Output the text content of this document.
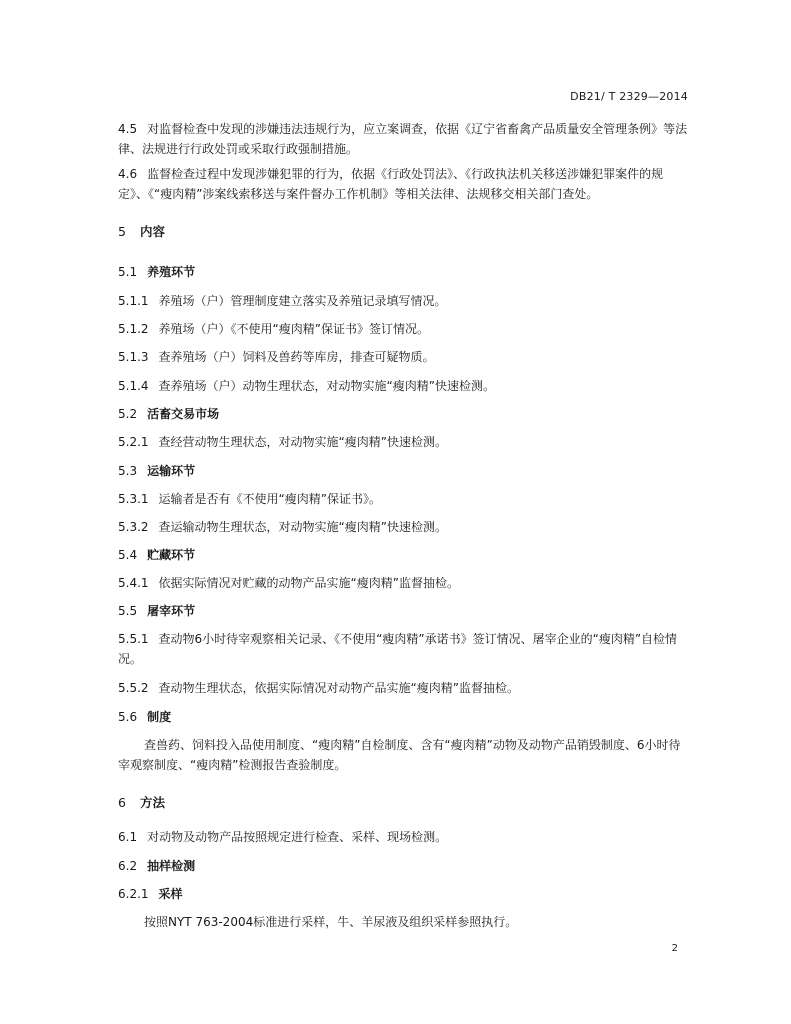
DB21/ T 2329—2014
4.5 对监督检查中发现的涉嫌违法违规行为，应立案调查，依据《辽宁省畜禽产品质量安全管理条例》等法律、法规进行行政处罚或采取行政强制措施。
4.6 监督检查过程中发现涉嫌犯罪的行为，依据《行政处罚法》、《行政执法机关移送涉嫌犯罪案件的规定》、《“瘦肉精”涉案线索移送与案件督办工作机制》等相关法律、法规移交相关部门查处。
5 内容
5.1 养殖环节
5.1.1 养殖场（户）管理制度建立落实及养殖记录填写情况。
5.1.2 养殖场（户）《不使用“瘦肉精”保证书》签订情况。
5.1.3 查养殖场（户）饲料及兽药等库房，排查可疑物质。
5.1.4 查养殖场（户）动物生理状态，对动物实施“瘦肉精”快速检测。
5.2 活畜交易市场
5.2.1 查经营动物生理状态，对动物实施“瘦肉精”快速检测。
5.3 运输环节
5.3.1 运输者是否有《不使用“瘦肉精”保证书》。
5.3.2 查运输动物生理状态，对动物实施“瘦肉精”快速检测。
5.4 贮藏环节
5.4.1 依据实际情况对贮藏的动物产品实施“瘦肉精”监督抽检。
5.5 屠宰环节
5.5.1 查动物6小时待宰观察相关记录、《不使用“瘦肉精”承诺书》签订情况、屠宰企业的“瘦肉精”自检情况。
5.5.2 查动物生理状态，依据实际情况对动物产品实施“瘦肉精”监督抽检。
5.6 制度
查兽药、饲料投入品使用制度、“瘦肉精”自检制度、含有“瘦肉精”动物及动物产品销毁制度、6小时待宰观察制度、“瘦肉精”检测报告查验制度。
6 方法
6.1 对动物及动物产品按照规定进行检查、采样、现场检测。
6.2 抽样检测
6.2.1 采样
按照NYT 763-2004标准进行采样，牛、羊尿液及组织采样参照执行。
2
